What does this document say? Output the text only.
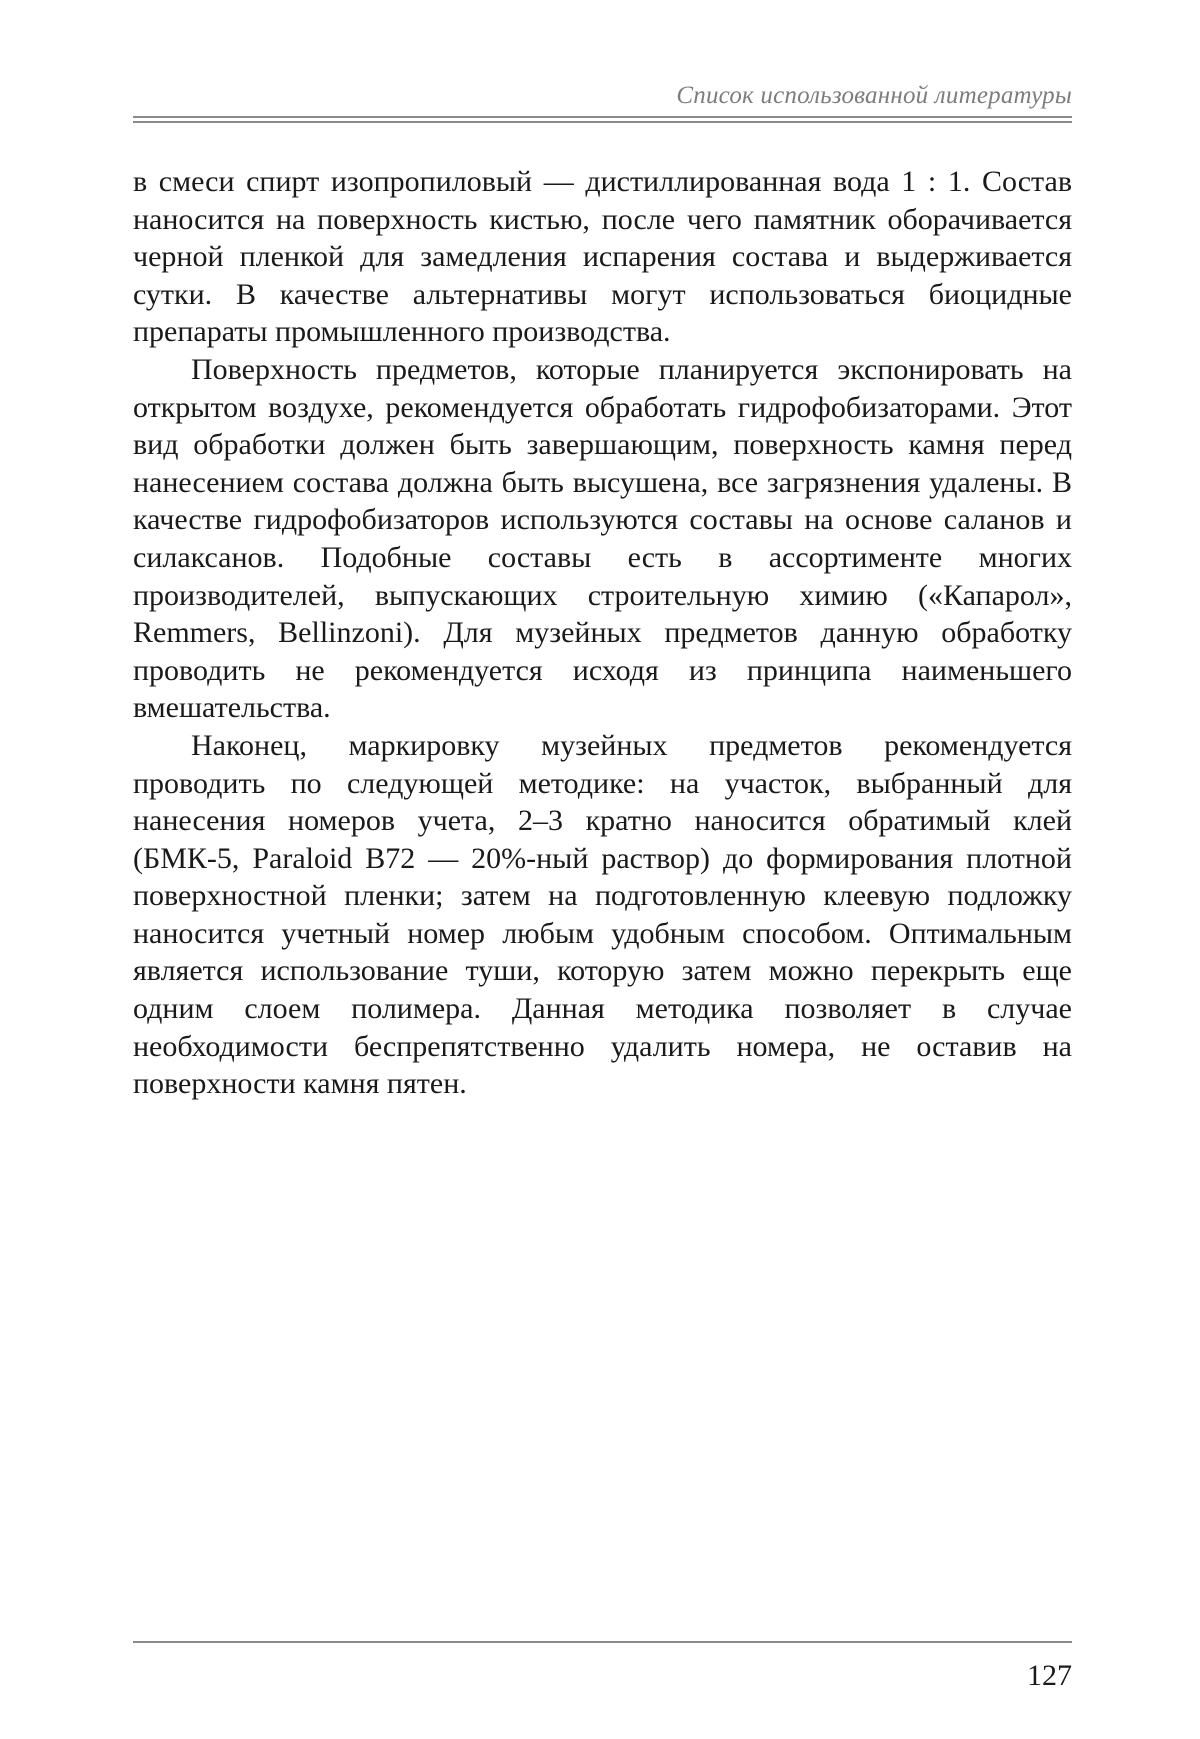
Список использованной литературы

в смеси спирт изопропиловый — дистиллированная вода 1 : 1. Состав наносится на поверхность кистью, после чего памятник оборачивается черной пленкой для замедления испарения состава и выдерживается сутки. В качестве альтернативы могут использоваться биоцидные препараты промышленного производства.

Поверхность предметов, которые планируется экспонировать на открытом воздухе, рекомендуется обработать гидрофобизаторами. Этот вид обработки должен быть завершающим, поверхность камня перед нанесением состава должна быть высушена, все загрязнения удалены. В качестве гидрофобизаторов используются составы на основе саланов и силаксанов. Подобные составы есть в ассортименте многих производителей, выпускающих строительную химию («Капарол», Remmers, Bellinzoni). Для музейных предметов данную обработку проводить не рекомендуется исходя из принципа наименьшего вмешательства.

Наконец, маркировку музейных предметов рекомендуется проводить по следующей методике: на участок, выбранный для нанесения номеров учета, 2–3 кратно наносится обратимый клей (БМК-5, Paraloid B72 — 20%-ный раствор) до формирования плотной поверхностной пленки; затем на подготовленную клеевую подложку наносится учетный номер любым удобным способом. Оптимальным является использование туши, которую затем можно перекрыть еще одним слоем полимера. Данная методика позволяет в случае необходимости беспрепятственно удалить номера, не оставив на поверхности камня пятен.

127
